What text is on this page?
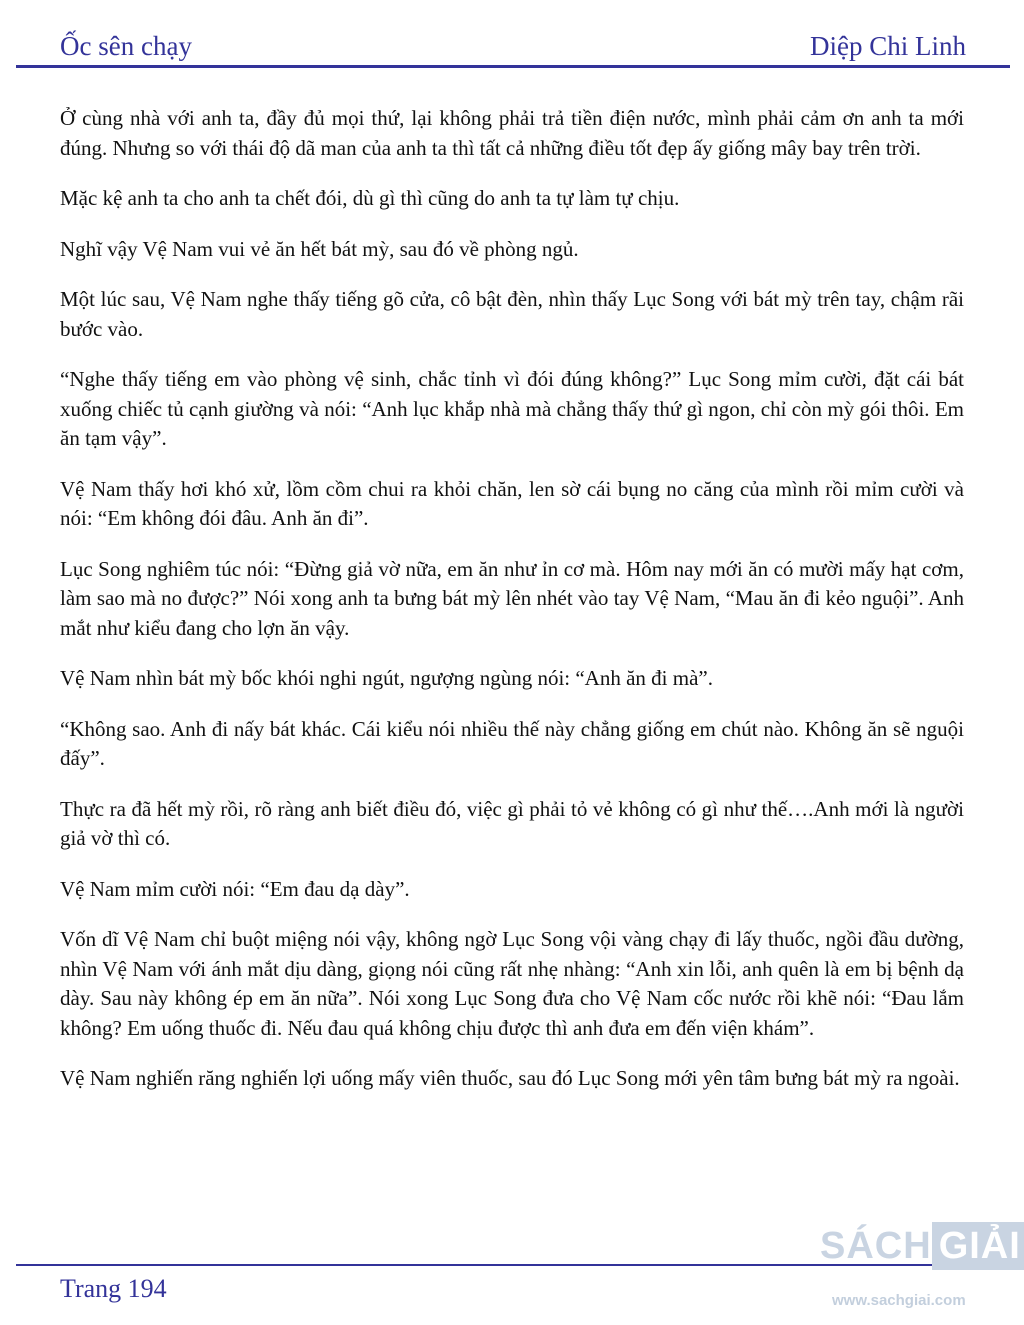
Ốc sên chạy	Diệp Chi Linh

Ở cùng nhà với anh ta, đầy đủ mọi thứ, lại không phải trả tiền điện nước, mình phải cảm ơn anh ta mới đúng. Nhưng so với thái độ dã man của anh ta thì tất cả những điều tốt đẹp ấy giống mây bay trên trời.

Mặc kệ anh ta cho anh ta chết đói, dù gì thì cũng do anh ta tự làm tự chịu.

Nghĩ vậy Vệ Nam vui vẻ ăn hết bát mỳ, sau đó về phòng ngủ.

Một lúc sau, Vệ Nam nghe thấy tiếng gõ cửa, cô bật đèn, nhìn thấy Lục Song với bát mỳ trên tay, chậm rãi bước vào.

“Nghe thấy tiếng em vào phòng vệ sinh, chắc tỉnh vì đói đúng không?” Lục Song mỉm cười, đặt cái bát xuống chiếc tủ cạnh giường và nói: “Anh lục khắp nhà mà chẳng thấy thứ gì ngon, chỉ còn mỳ gói thôi. Em ăn tạm vậy”.

Vệ Nam thấy hơi khó xử, lồm cồm chui ra khỏi chăn, len sờ cái bụng no căng của mình rồi mỉm cười và nói: “Em không đói đâu. Anh ăn đi”.

Lục Song nghiêm túc nói: “Đừng giả vờ nữa, em ăn như ỉn cơ mà. Hôm nay mới ăn có mười mấy hạt cơm, làm sao mà no được?” Nói xong anh ta bưng bát mỳ lên nhét vào tay Vệ Nam, “Mau ăn đi kẻo nguội”. Anh mắt như kiểu đang cho lợn ăn vậy.

Vệ Nam nhìn bát mỳ bốc khói nghi ngút, ngượng ngùng nói: “Anh ăn đi mà”.

“Không sao. Anh đi nấy bát khác. Cái kiểu nói nhiều thế này chẳng giống em chút nào. Không ăn sẽ nguội đấy”.

Thực ra đã hết mỳ rồi, rõ ràng anh biết điều đó, việc gì phải tỏ vẻ không có gì như thế….Anh mới là người giả vờ thì có.

Vệ Nam mỉm cười nói: “Em đau dạ dày”.

Vốn dĩ Vệ Nam chỉ buột miệng nói vậy, không ngờ Lục Song vội vàng chạy đi lấy thuốc, ngồi đầu dường, nhìn Vệ Nam với ánh mắt dịu dàng, giọng nói cũng rất nhẹ nhàng: “Anh xin lỗi, anh quên là em bị bệnh dạ dày. Sau này không ép em ăn nữa”. Nói xong Lục Song đưa cho Vệ Nam cốc nước rồi khẽ nói: “Đau lắm không? Em uống thuốc đi. Nếu đau quá không chịu được thì anh đưa em đến viện khám”.

Vệ Nam nghiến răng nghiến lợi uống mấy viên thuốc, sau đó Lục Song mới yên tâm bưng bát mỳ ra ngoài.

Trang 194
SÁCH GIẢI
www.sachgiai.com
